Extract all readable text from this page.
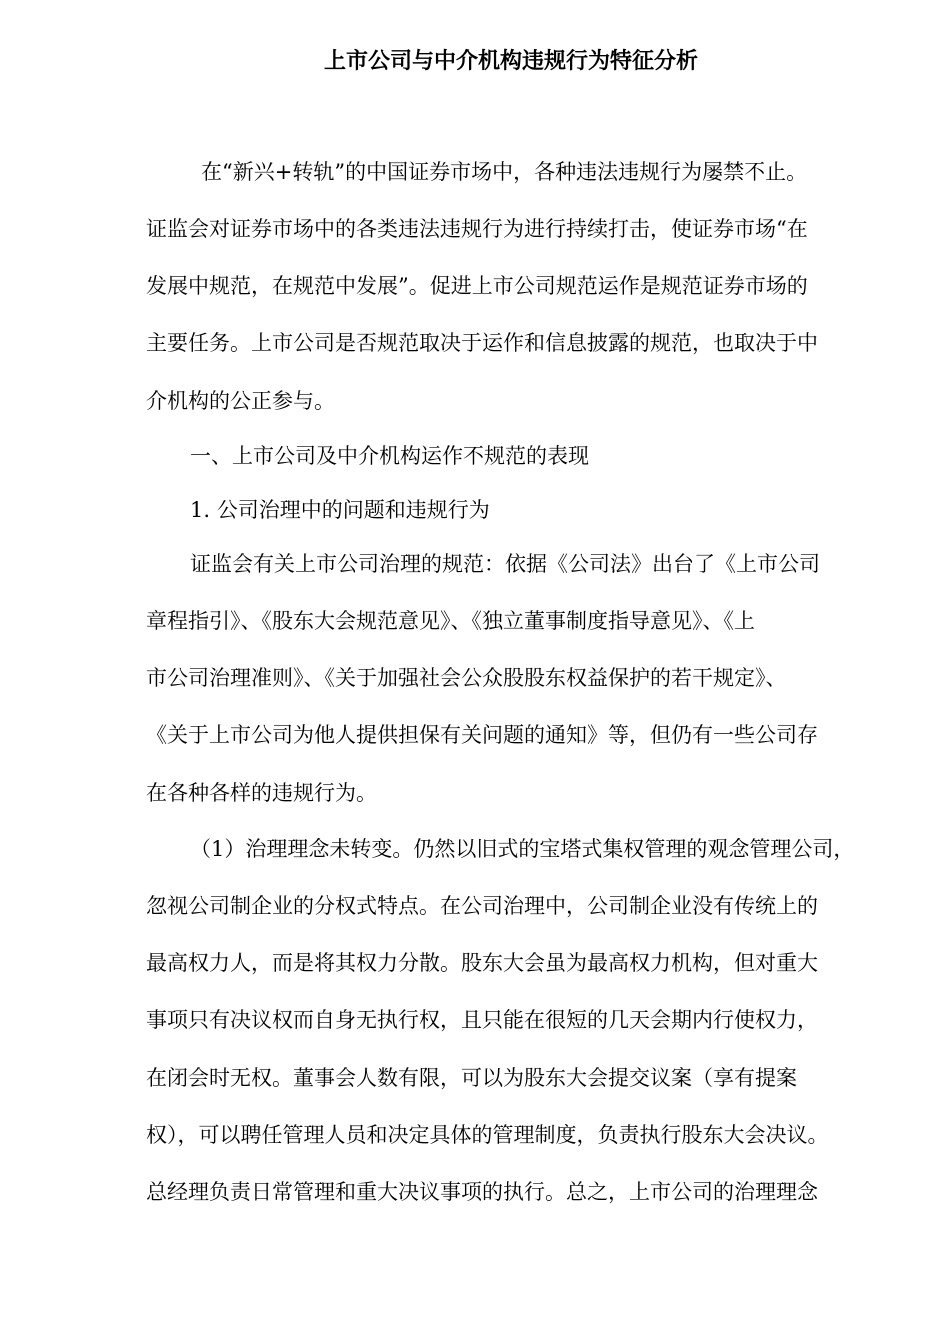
上市公司与中介机构违规行为特征分析

在“新兴+转轨”的中国证券市场中，各种违法违规行为屡禁不止。

证监会对证券市场中的各类违法违规行为进行持续打击，使证券市场“在

发展中规范，在规范中发展”。促进上市公司规范运作是规范证券市场的

主要任务。上市公司是否规范取决于运作和信息披露的规范，也取决于中

介机构的公正参与。

一、上市公司及中介机构运作不规范的表现

1. 公司治理中的问题和违规行为

证监会有关上市公司治理的规范：依据《公司法》出台了《上市公司

章程指引》、《股东大会规范意见》、《独立董事制度指导意见》、《上

市公司治理准则》、《关于加强社会公众股股东权益保护的若干规定》、

《关于上市公司为他人提供担保有关问题的通知》等，但仍有一些公司存

在各种各样的违规行为。

（1）治理理念未转变。仍然以旧式的宝塔式集权管理的观念管理公司，

忽视公司制企业的分权式特点。在公司治理中，公司制企业没有传统上的

最高权力人，而是将其权力分散。股东大会虽为最高权力机构，但对重大

事项只有决议权而自身无执行权，且只能在很短的几天会期内行使权力，

在闭会时无权。董事会人数有限，可以为股东大会提交议案（享有提案

权），可以聘任管理人员和决定具体的管理制度，负责执行股东大会决议。

总经理负责日常管理和重大决议事项的执行。总之，上市公司的治理理念
